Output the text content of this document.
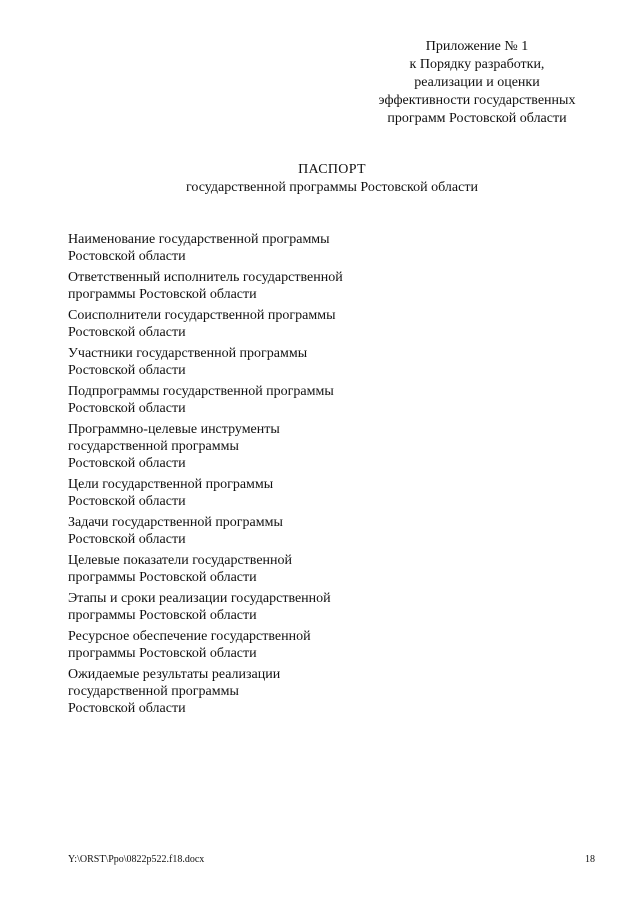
Приложение № 1
к Порядку разработки,
реализации и оценки
эффективности государственных
программ Ростовской области
ПАСПОРТ
государственной программы Ростовской области
Наименование государственной программы
Ростовской области
Ответственный исполнитель государственной
программы Ростовской области
Соисполнители государственной программы
Ростовской области
Участники государственной программы
Ростовской области
Подпрограммы государственной программы
Ростовской области
Программно-целевые инструменты
государственной программы
Ростовской области
Цели государственной программы
Ростовской области
Задачи государственной программы
Ростовской области
Целевые показатели государственной
программы Ростовской области
Этапы и сроки реализации государственной
программы Ростовской области
Ресурсное обеспечение государственной
программы Ростовской области
Ожидаемые результаты реализации
государственной программы
Ростовской области
Y:\ORST\Ppo\0822p522.f18.docx	18
